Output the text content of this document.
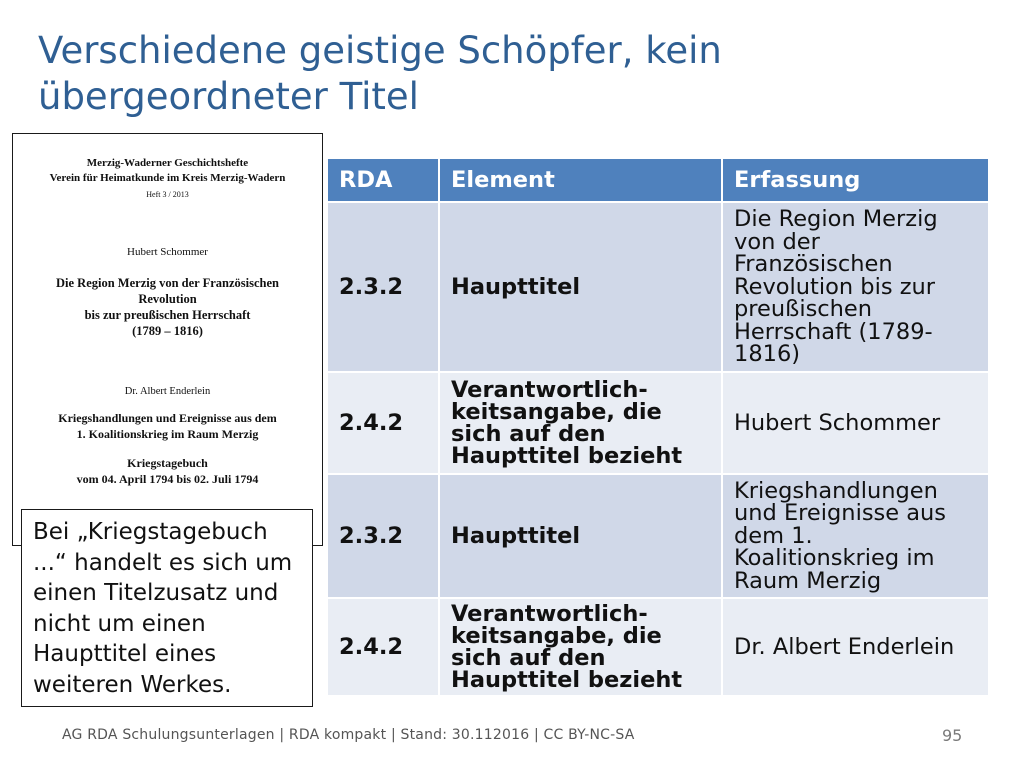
Verschiedene geistige Schöpfer, kein übergeordneter Titel
Merzig-Waderner Geschichtshefte
Verein für Heimatkunde im Kreis Merzig-Wadern
Heft 3 / 2013
Hubert Schommer
Die Region Merzig von der Französischen
Revolution
bis zur preußischen Herrschaft
(1789 – 1816)
Dr. Albert Enderlein
Kriegshandlungen und Ereignisse aus dem
1. Koalitionskrieg im Raum Merzig
Kriegstagebuch
vom 04. April 1794 bis 02. Juli 1794
RDA	Element	Erfassung
2.3.2	Haupttitel	Die Region Merzig von der Französischen Revolution bis zur preußischen Herrschaft (1789-1816)
2.4.2	Verantwortlich-keitsangabe, die sich auf den Haupttitel bezieht	Hubert Schommer
2.3.2	Haupttitel	Kriegshandlungen und Ereignisse aus dem 1. Koalitionskrieg im Raum Merzig
2.4.2	Verantwortlich-keitsangabe, die sich auf den Haupttitel bezieht	Dr. Albert Enderlein
Bei „Kriegstagebuch ...“ handelt es sich um einen Titelzusatz und nicht um einen Haupttitel eines weiteren Werkes.
AG RDA Schulungsunterlagen | RDA kompakt | Stand: 30.112016 | CC BY-NC-SA	95
